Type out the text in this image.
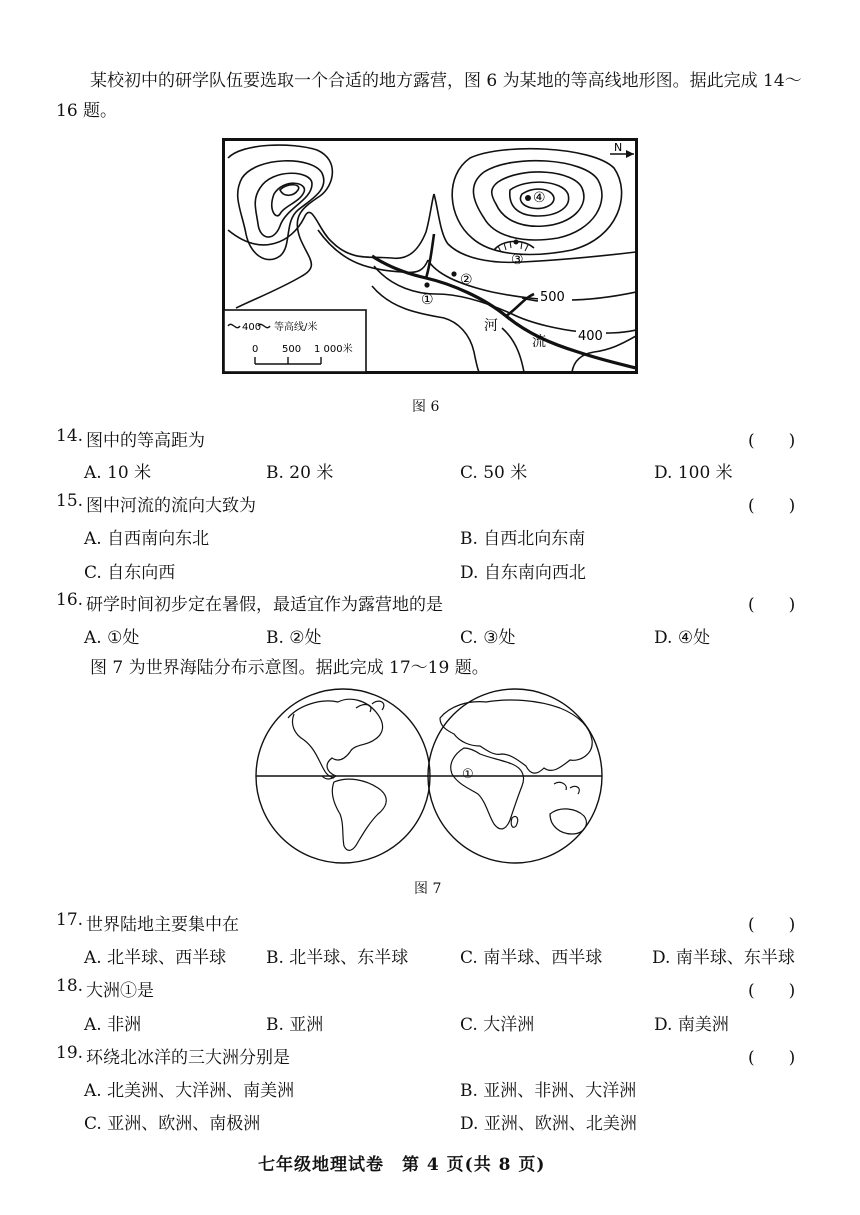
某校初中的研学队伍要选取一个合适的地方露营，图 6 为某地的等高线地形图。据此完成 14～16 题。
N
①
②
③
④
500
400
河
流
400 等高线/米
0 500 1 000米
图 6
14. 图中的等高距为	(　　)
A. 10 米	B. 20 米	C. 50 米	D. 100 米
15. 图中河流的流向大致为	(　　)
A. 自西南向东北	B. 自西北向东南
C. 自东向西	D. 自东南向西北
16. 研学时间初步定在暑假，最适宜作为露营地的是	(　　)
A. ①处	B. ②处	C. ③处	D. ④处
图 7 为世界海陆分布示意图。据此完成 17～19 题。
①
图 7
17. 世界陆地主要集中在	(　　)
A. 北半球、西半球 B. 北半球、东半球	C. 南半球、西半球	D. 南半球、东半球
18. 大洲①是	(　　)
A. 非洲	B. 亚洲	C. 大洋洲	D. 南美洲
19. 环绕北冰洋的三大洲分别是	(　　)
A. 北美洲、大洋洲、南美洲	B. 亚洲、非洲、大洋洲
C. 亚洲、欧洲、南极洲	D. 亚洲、欧洲、北美洲
七年级地理试卷　第 4 页(共 8 页)
